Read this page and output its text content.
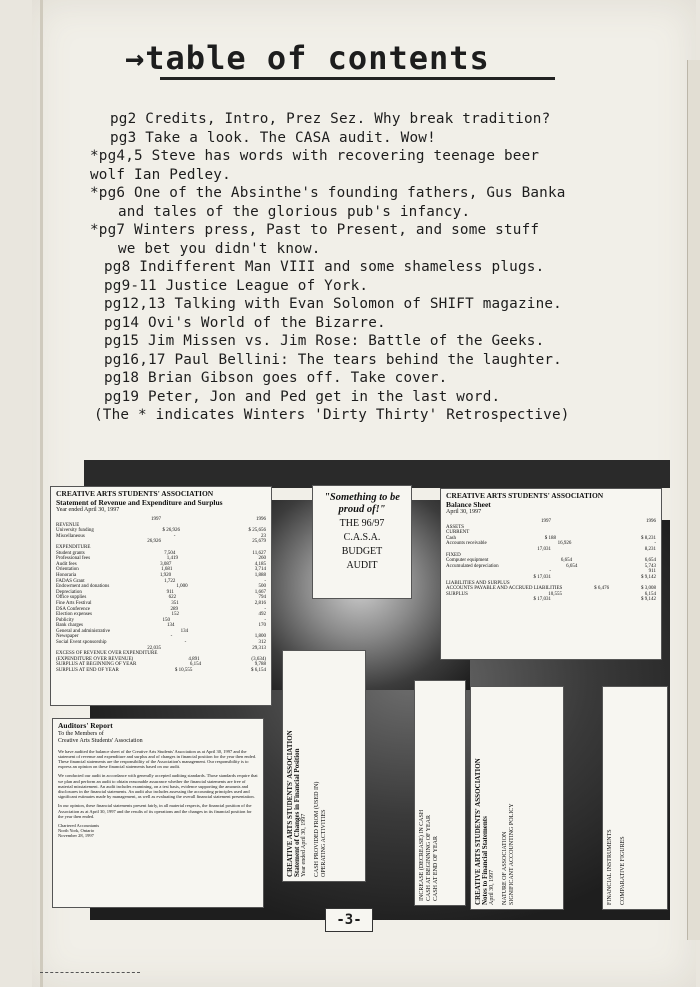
→table of contents
pg2 Credits, Intro, Prez Sez. Why break tradition?
pg3 Take a look. The CASA audit. Wow!
*pg4,5 Steve has words with recovering teenage beer
wolf Ian Pedley.
*pg6 One of the Absinthe's founding fathers, Gus Banka
and tales of the glorious pub's infancy.
*pg7 Winters press, Past to Present, and some stuff
we bet you didn't know.
pg8 Indifferent Man VIII and some shameless plugs.
pg9-11 Justice League of York.
pg12,13 Talking with Evan Solomon of SHIFT magazine.
pg14 Ovi's World of the Bizarre.
pg15 Jim Missen vs. Jim Rose: Battle of the Geeks.
pg16,17 Paul Bellini: The tears behind the laughter.
pg18 Brian Gibson goes off. Take cover.
pg19 Peter, Jon and Ped get in the last word.
(The * indicates Winters 'Dirty Thirty' Retrospective)
CREATIVE ARTS STUDENTS' ASSOCIATION
Statement of Revenue and Expenditure and Surplus
Year ended April 30, 1997
1997	1996
REVENUE
University funding	$ 26,926	$ 25,656
Miscellaneous	-	23
26,926	25,679
EXPENDITURE
Student grants	7,504	11,627
Professional fees	1,419	260
Audit fees	3,087	4,185
Orientation	1,681	3,714
Honoraria	1,920	1,888
FADAS Grant	1,722	-
Endowment and donations	1,000	500
Depreciation	911	1,667
Office supplies	622	794
Fine Arts Festival	351	2,816
DSA Conference	289	-
Election expenses	152	492
Publicity	150	-
Bank charges	134	170
General and administrative	134
Newspaper	-	1,800
Social Event sponsorship	-	312
22,035	29,313
EXCESS OF REVENUE OVER EXPENDITURE
(EXPENDITURE OVER REVENUE)	4,891	(3,634)
SURPLUS AT BEGINNING OF YEAR	6,154	9,788
SURPLUS AT END OF YEAR	$ 10,555	$ 6,154
"Something to be
proud of!"
THE 96/97
C.A.S.A.
BUDGET
AUDIT
CREATIVE ARTS STUDENTS' ASSOCIATION
Balance Sheet
April 30, 1997
1997	1996
ASSETS
CURRENT
Cash	$ 188	$ 8,231
Accounts receivable	16,926	-
17,031	8,231
FIXED
Computer equipment	6,654	6,654
Accumulated depreciation	6,654	5,743
-	911
$ 17,031	$ 9,142
LIABILITIES AND SURPLUS
ACCOUNTS PAYABLE AND ACCRUED LIABILITIES	$ 6,476	$ 3,008
SURPLUS	10,555	6,154
$ 17,031	$ 9,142
Auditors' Report
To the Members of
Creative Arts Students' Association
We have audited the balance sheet of the Creative Arts Students' Association as at April 30, 1997 and the statement of revenue and expenditure and surplus and of changes in financial position for the year then ended. These financial statements are the responsibility of the Association's management. Our responsibility is to express an opinion on these financial statements based on our audit.
We conducted our audit in accordance with generally accepted auditing standards. Those standards require that we plan and perform an audit to obtain reasonable assurance whether the financial statements are free of material misstatement. An audit includes examining, on a test basis, evidence supporting the amounts and disclosures in the financial statements. An audit also includes assessing the accounting principles used and significant estimates made by management, as well as evaluating the overall financial statement presentation.
In our opinion, these financial statements present fairly, in all material respects, the financial position of the Association as at April 30, 1997 and the results of its operations and the changes in its financial position for the year then ended.
Chartered Accountants
North York, Ontario
November 28, 1997	CREATIVE ARTS STUDENTS' ASSOCIATION Statement of Changes in Financial Position Year ended April 30, 1997 CASH PROVIDED FROM (USED IN) OPERATING ACTIVITIES	INCREASE (DECREASE) IN CASH CASH AT BEGINNING OF YEAR CASH AT END OF YEAR	CREATIVE ARTS STUDENTS' ASSOCIATION Notes to Financial Statements April 30, 1997 NATURE OF ASSOCIATION SIGNIFICANT ACCOUNTING POLICY	FINANCIAL INSTRUMENTS COMPARATIVE FIGURES
-3-
